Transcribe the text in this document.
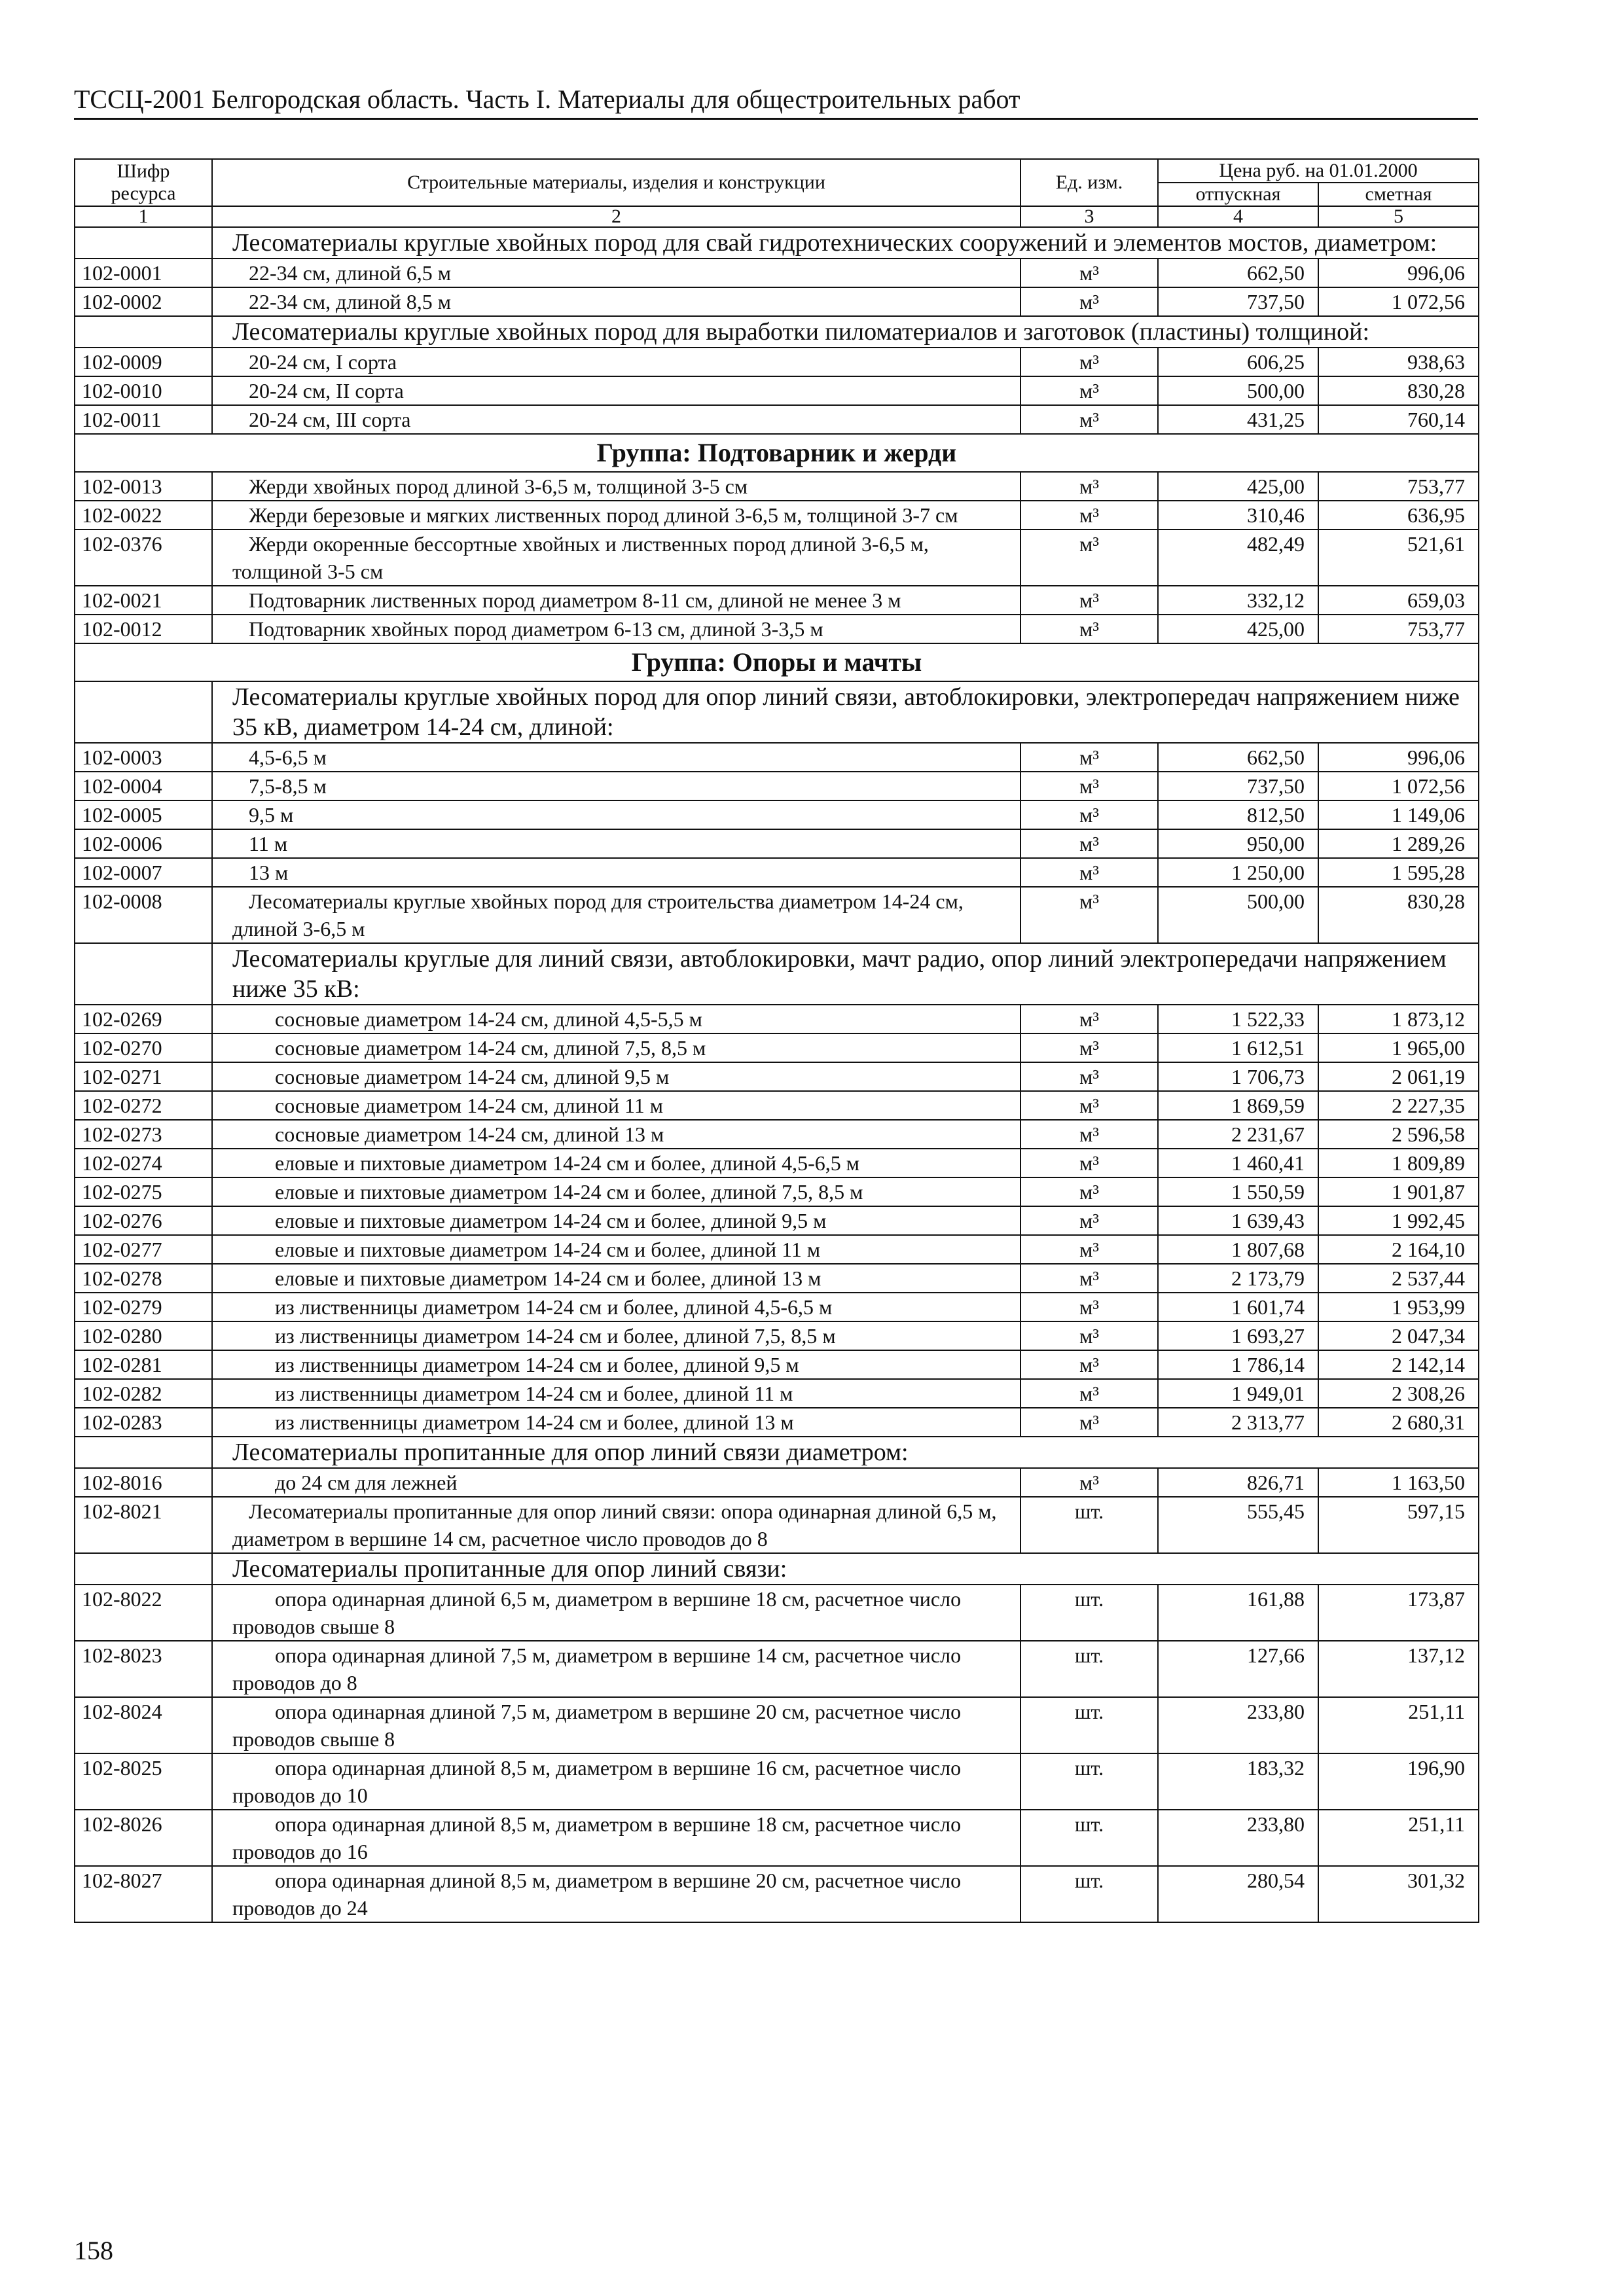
ТССЦ-2001 Белгородская область. Часть I. Материалы для общестроительных работ
Шифр ресурса	Строительные материалы, изделия и конструкции	Ед. изм.	Цена руб. на 01.01.2000	
			отпускная	сметная
1	2	3	4	5
	Лесоматериалы круглые хвойных пород для свай гидротехнических сооружений и элементов мостов, диаметром:			
102-0001	22-34 см, длиной 6,5 м	м³	662,50	996,06
102-0002	22-34 см, длиной 8,5 м	м³	737,50	1 072,56
	Лесоматериалы круглые хвойных пород для выработки пиломатериалов и заготовок (пластины) толщиной:			
102-0009	20-24 см, I сорта	м³	606,25	938,63
102-0010	20-24 см, II сорта	м³	500,00	830,28
102-0011	20-24 см, III сорта	м³	431,25	760,14
Группа: Подтоварник и жерди				
102-0013	Жерди хвойных пород длиной 3-6,5 м, толщиной 3-5 см	м³	425,00	753,77
102-0022	Жерди березовые и мягких лиственных пород длиной 3-6,5 м, толщиной 3-7 см	м³	310,46	636,95
102-0376	Жерди окоренные бессортные хвойных и лиственных пород длиной 3-6,5 м, толщиной 3-5 см	м³	482,49	521,61
102-0021	Подтоварник лиственных пород диаметром 8-11 см, длиной не менее 3 м	м³	332,12	659,03
102-0012	Подтоварник хвойных пород диаметром 6-13 см, длиной 3-3,5 м	м³	425,00	753,77
Группа: Опоры и мачты				
	Лесоматериалы круглые хвойных пород для опор линий связи, автоблокировки, электропередач напряжением ниже 35 кВ, диаметром 14-24 см, длиной:			
102-0003	4,5-6,5 м	м³	662,50	996,06
102-0004	7,5-8,5 м	м³	737,50	1 072,56
102-0005	9,5 м	м³	812,50	1 149,06
102-0006	11 м	м³	950,00	1 289,26
102-0007	13 м	м³	1 250,00	1 595,28
102-0008	Лесоматериалы круглые хвойных пород для строительства диаметром 14-24 см, длиной 3-6,5 м	м³	500,00	830,28
	Лесоматериалы круглые для линий связи, автоблокировки, мачт радио, опор линий электропередачи напряжением ниже 35 кВ:			
102-0269	сосновые диаметром 14-24 см, длиной 4,5-5,5 м	м³	1 522,33	1 873,12
102-0270	сосновые диаметром 14-24 см, длиной 7,5, 8,5 м	м³	1 612,51	1 965,00
102-0271	сосновые диаметром 14-24 см, длиной 9,5 м	м³	1 706,73	2 061,19
102-0272	сосновые диаметром 14-24 см, длиной 11 м	м³	1 869,59	2 227,35
102-0273	сосновые диаметром 14-24 см, длиной 13 м	м³	2 231,67	2 596,58
102-0274	еловые и пихтовые диаметром 14-24 см и более, длиной 4,5-6,5 м	м³	1 460,41	1 809,89
102-0275	еловые и пихтовые диаметром 14-24 см и более, длиной 7,5, 8,5 м	м³	1 550,59	1 901,87
102-0276	еловые и пихтовые диаметром 14-24 см и более, длиной 9,5 м	м³	1 639,43	1 992,45
102-0277	еловые и пихтовые диаметром 14-24 см и более, длиной 11 м	м³	1 807,68	2 164,10
102-0278	еловые и пихтовые диаметром 14-24 см и более, длиной 13 м	м³	2 173,79	2 537,44
102-0279	из лиственницы диаметром 14-24 см и более, длиной 4,5-6,5 м	м³	1 601,74	1 953,99
102-0280	из лиственницы диаметром 14-24 см и более, длиной 7,5, 8,5 м	м³	1 693,27	2 047,34
102-0281	из лиственницы диаметром 14-24 см и более, длиной 9,5 м	м³	1 786,14	2 142,14
102-0282	из лиственницы диаметром 14-24 см и более, длиной 11 м	м³	1 949,01	2 308,26
102-0283	из лиственницы диаметром 14-24 см и более, длиной 13 м	м³	2 313,77	2 680,31
	Лесоматериалы пропитанные для опор линий связи диаметром:			
102-8016	до 24 см для лежней	м³	826,71	1 163,50
102-8021	Лесоматериалы пропитанные для опор линий связи: опора одинарная длиной 6,5 м, диаметром в вершине 14 см, расчетное число проводов до 8	шт.	555,45	597,15
	Лесоматериалы пропитанные для опор линий связи:			
102-8022	опора одинарная длиной 6,5 м, диаметром в вершине 18 см, расчетное число проводов свыше 8	шт.	161,88	173,87
102-8023	опора одинарная длиной 7,5 м, диаметром в вершине 14 см, расчетное число проводов до 8	шт.	127,66	137,12
102-8024	опора одинарная длиной 7,5 м, диаметром в вершине 20 см, расчетное число проводов свыше 8	шт.	233,80	251,11
102-8025	опора одинарная длиной 8,5 м, диаметром в вершине 16 см, расчетное число проводов до 10	шт.	183,32	196,90
102-8026	опора одинарная длиной 8,5 м, диаметром в вершине 18 см, расчетное число проводов до 16	шт.	233,80	251,11
102-8027	опора одинарная длиной 8,5 м, диаметром в вершине 20 см, расчетное число проводов до 24	шт.	280,54	301,32
158
